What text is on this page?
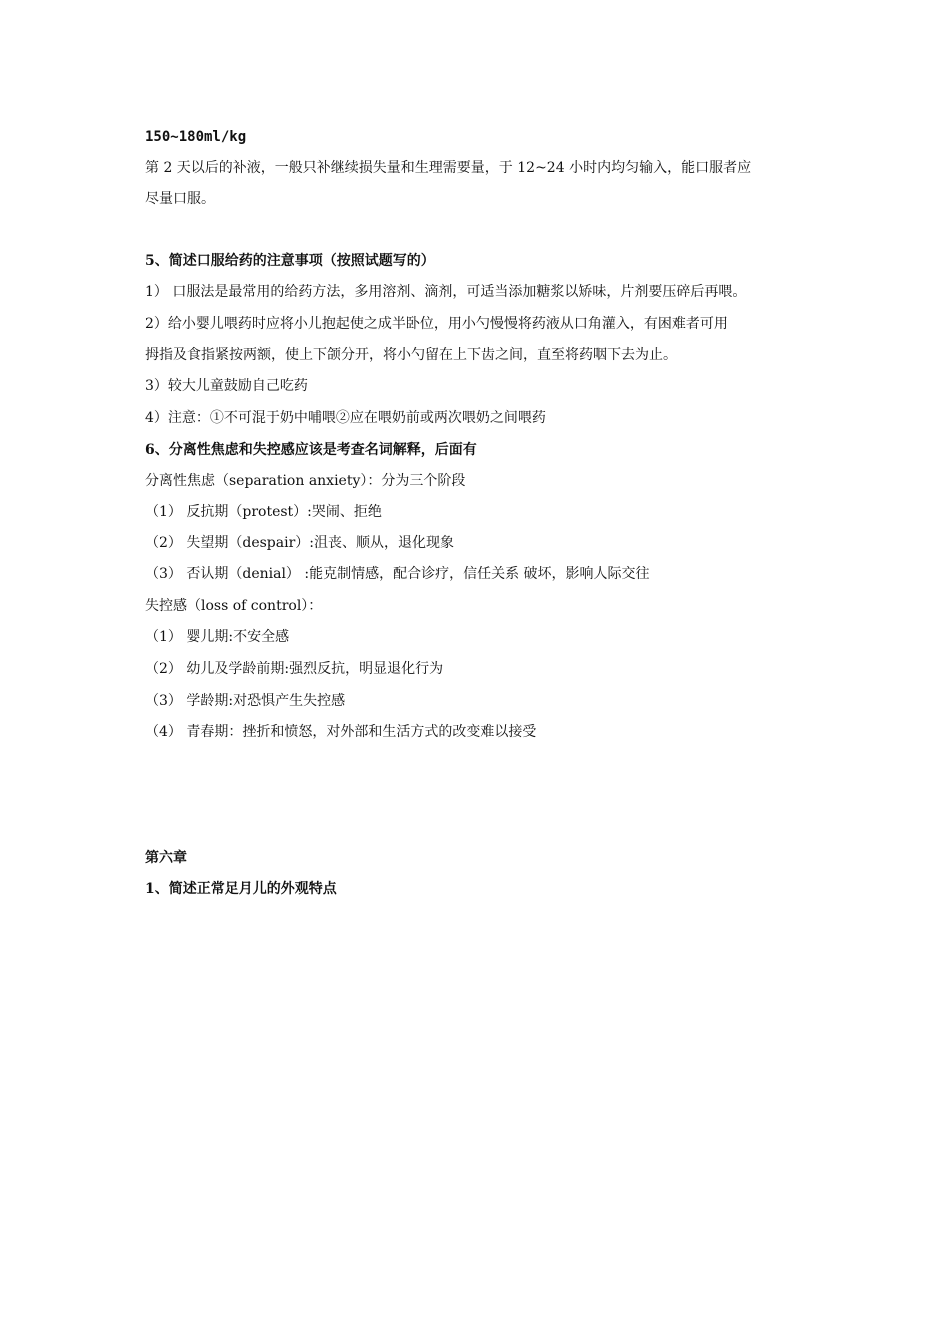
150~180ml/kg
第 2 天以后的补液，一般只补继续损失量和生理需要量，于 12~24 小时内均匀输入，能口服者应
尽量口服。
5、简述口服给药的注意事项（按照试题写的）
1） 口服法是最常用的给药方法，多用溶剂、滴剂，可适当添加糖浆以矫味，片剂要压碎后再喂。
2）给小婴儿喂药时应将小儿抱起使之成半卧位，用小勺慢慢将药液从口角灌入，有困难者可用
拇指及食指紧按两额，使上下颌分开，将小勺留在上下齿之间，直至将药咽下去为止。
3）较大儿童鼓励自己吃药
4）注意：①不可混于奶中哺喂②应在喂奶前或两次喂奶之间喂药
6、分离性焦虑和失控感应该是考查名词解释，后面有
分离性焦虑（separation anxiety）：分为三个阶段
（1） 反抗期（protest）:哭闹、拒绝
（2） 失望期（despair）:沮丧、顺从，退化现象
（3） 否认期（denial） :能克制情感，配合诊疗，信任关系 破坏，影响人际交往
失控感（loss of control）：
（1） 婴儿期:不安全感
（2） 幼儿及学龄前期:强烈反抗，明显退化行为
（3） 学龄期:对恐惧产生失控感
（4） 青春期：挫折和愤怒，对外部和生活方式的改变难以接受
第六章
1、简述正常足月儿的外观特点
